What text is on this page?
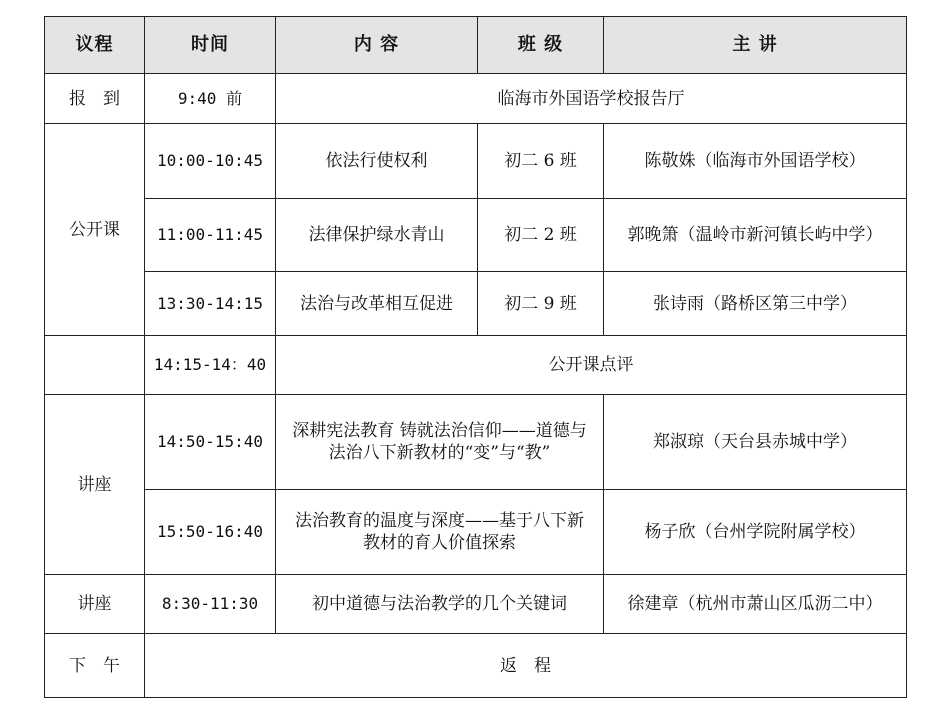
议程	时间	内 容	班 级	主 讲
报　到	9:40 前	临海市外国语学校报告厅		
公开课	10:00-10:45	依法行使权利	初二 6 班	陈敬姝（临海市外国语学校）
	11:00-11:45	法律保护绿水青山	初二 2 班	郭晚箫（温岭市新河镇长屿中学）
	13:30-14:15	法治与改革相互促进	初二 9 班	张诗雨（路桥区第三中学）
	14:15-14：40	公开课点评		
讲座	14:50-15:40	深耕宪法教育 铸就法治信仰——道德与法治八下新教材的“变”与“教”		郑淑琼（天台县赤城中学）
	15:50-16:40	法治教育的温度与深度——基于八下新教材的育人价值探索		杨子欣（台州学院附属学校）
讲座	8:30-11:30	初中道德与法治教学的几个关键词		徐建章（杭州市萧山区瓜沥二中）
下　午	返　程			
